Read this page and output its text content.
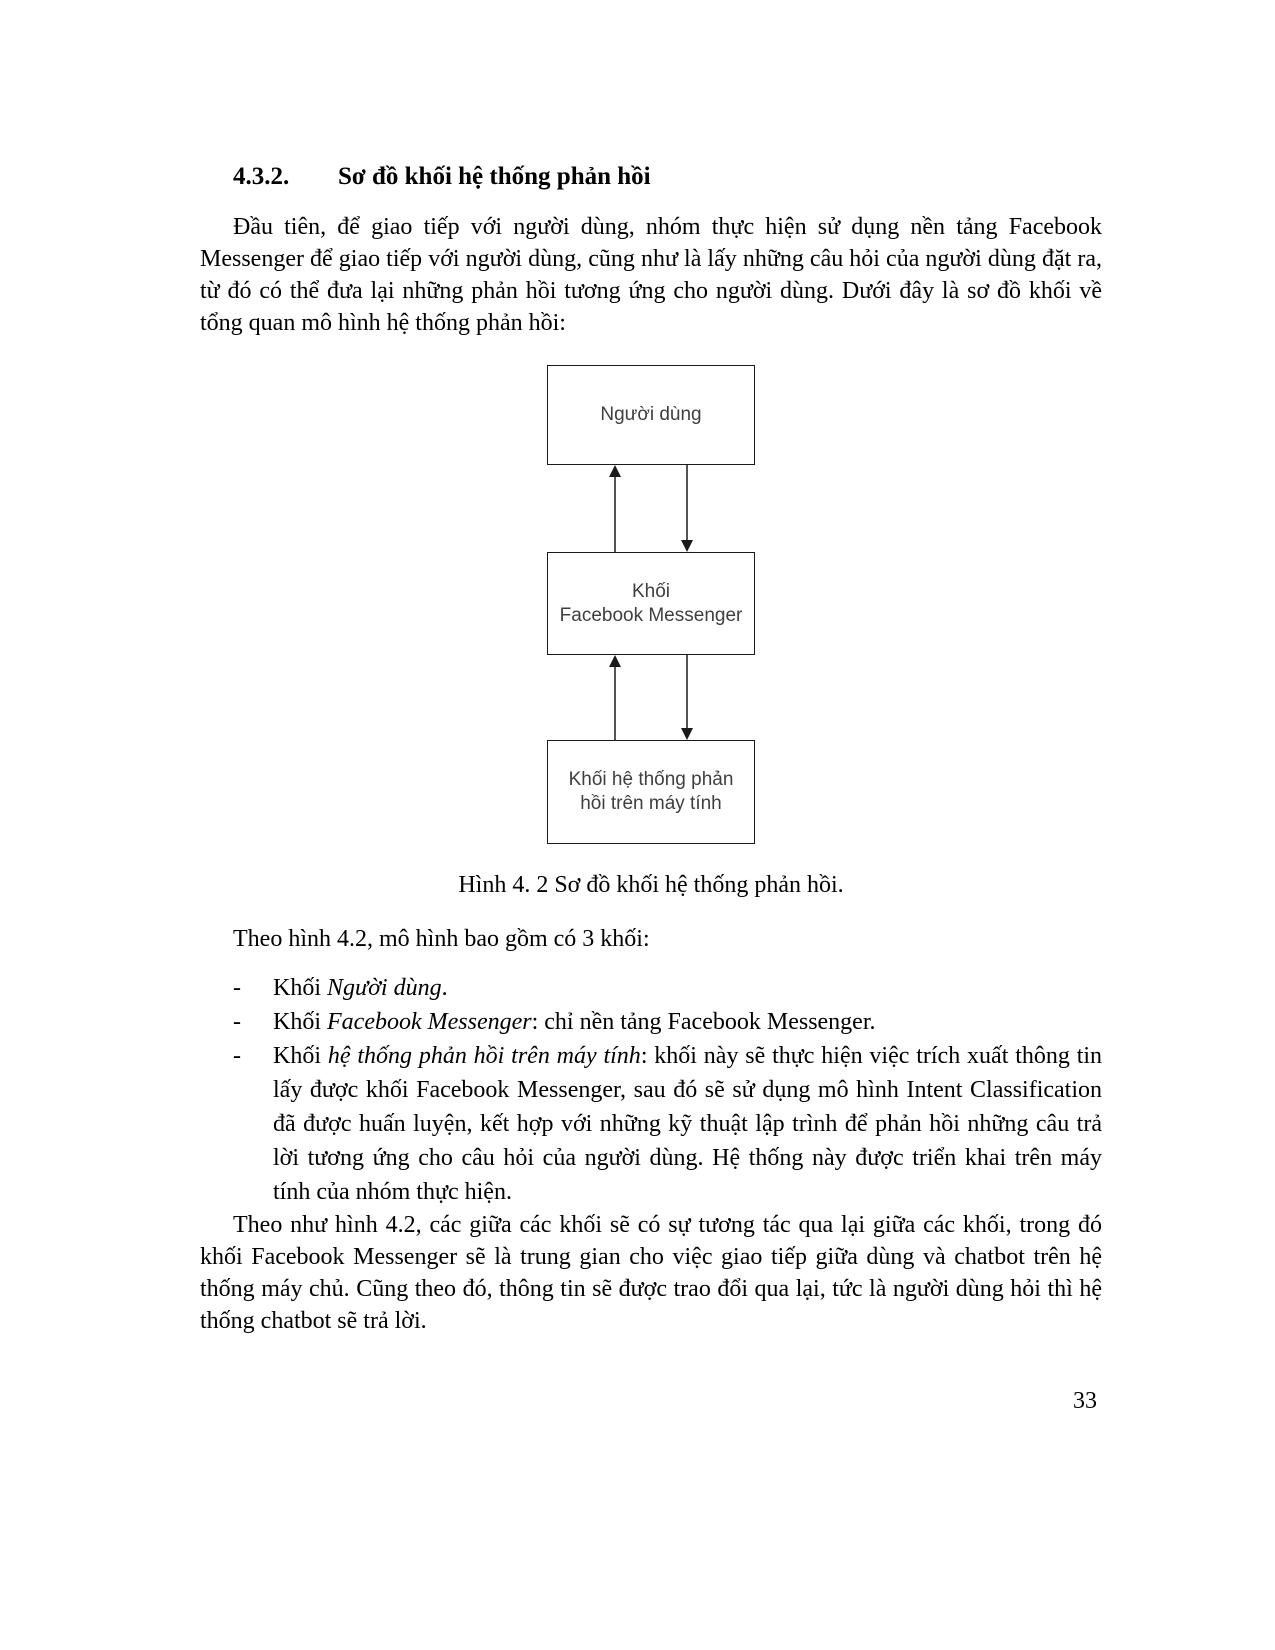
4.3.2. Sơ đồ khối hệ thống phản hồi

Đầu tiên, để giao tiếp với người dùng, nhóm thực hiện sử dụng nền tảng Facebook Messenger để giao tiếp với người dùng, cũng như là lấy những câu hỏi của người dùng đặt ra, từ đó có thể đưa lại những phản hồi tương ứng cho người dùng. Dưới đây là sơ đồ khối về tổng quan mô hình hệ thống phản hồi:

Người dùng
Khối
Facebook Messenger
Khối hệ thống phản
hồi trên máy tính
Hình 4. 2 Sơ đồ khối hệ thống phản hồi.

Theo hình 4.2, mô hình bao gồm có 3 khối:

-	Khối Người dùng.
-	Khối Facebook Messenger: chỉ nền tảng Facebook Messenger.
-	Khối hệ thống phản hồi trên máy tính: khối này sẽ thực hiện việc trích xuất thông tin lấy được khối Facebook Messenger, sau đó sẽ sử dụng mô hình Intent Classification đã được huấn luyện, kết hợp với những kỹ thuật lập trình để phản hồi những câu trả lời tương ứng cho câu hỏi của người dùng. Hệ thống này được triển khai trên máy tính của nhóm thực hiện.

Theo như hình 4.2, các giữa các khối sẽ có sự tương tác qua lại giữa các khối, trong đó khối Facebook Messenger sẽ là trung gian cho việc giao tiếp giữa dùng và chatbot trên hệ thống máy chủ. Cũng theo đó, thông tin sẽ được trao đổi qua lại, tức là người dùng hỏi thì hệ thống chatbot sẽ trả lời.

33
